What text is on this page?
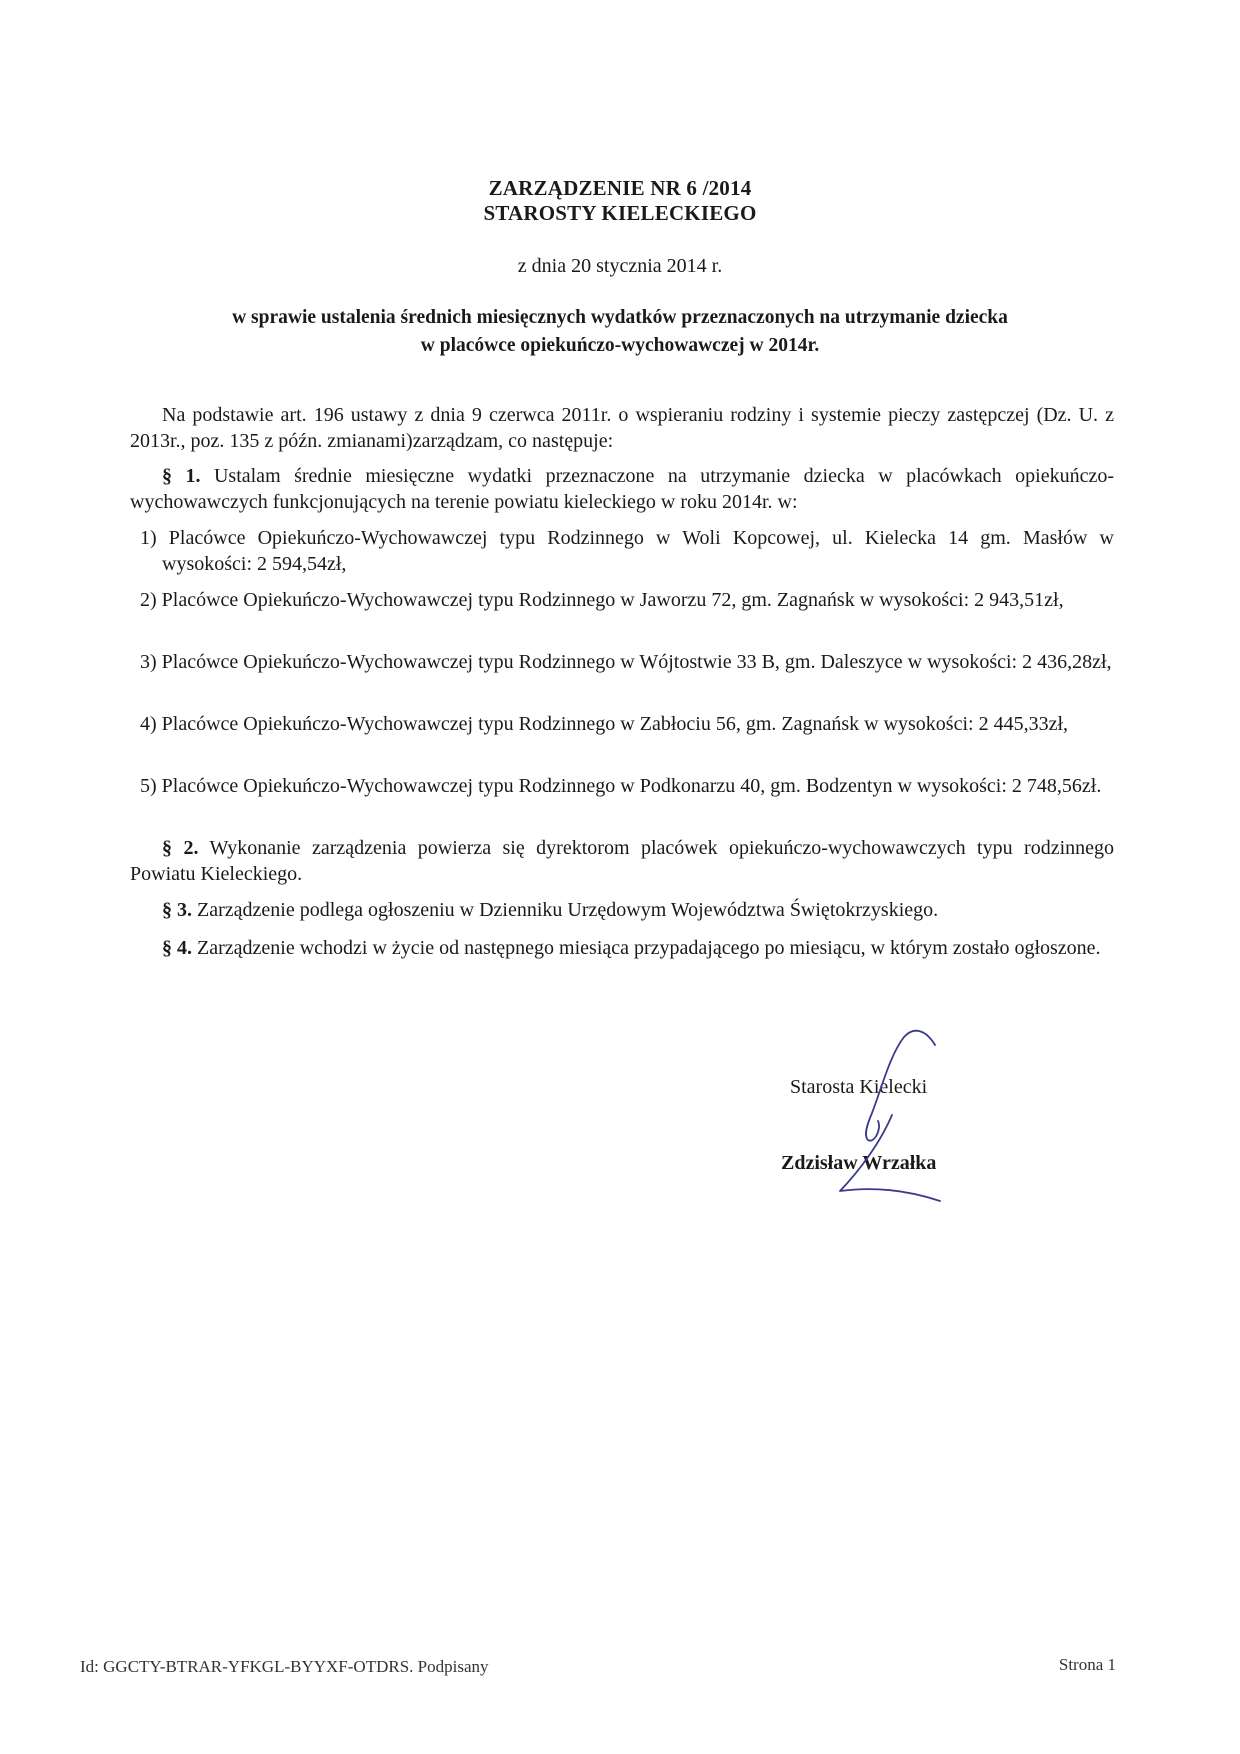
ZARZĄDZENIE NR 6 /2014
STAROSTY KIELECKIEGO
z dnia 20 stycznia 2014 r.
w sprawie ustalenia średnich miesięcznych wydatków przeznaczonych na utrzymanie dziecka
w placówce opiekuńczo-wychowawczej w 2014r.
Na podstawie art. 196 ustawy z dnia 9 czerwca 2011r. o wspieraniu rodziny i systemie pieczy zastępczej (Dz. U. z 2013r., poz. 135 z późn. zmianami)zarządzam, co następuje:
§ 1. Ustalam średnie miesięczne wydatki przeznaczone na utrzymanie dziecka w placówkach opiekuńczo-wychowawczych funkcjonujących na terenie powiatu kieleckiego w roku 2014r. w:
1) Placówce Opiekuńczo-Wychowawczej typu Rodzinnego w Woli Kopcowej, ul. Kielecka 14 gm. Masłów w wysokości: 2 594,54zł,
2) Placówce Opiekuńczo-Wychowawczej typu Rodzinnego w Jaworzu 72, gm. Zagnańsk w wysokości: 2 943,51zł,
3) Placówce Opiekuńczo-Wychowawczej typu Rodzinnego w Wójtostwie 33 B, gm. Daleszyce w wysokości: 2 436,28zł,
4) Placówce Opiekuńczo-Wychowawczej typu Rodzinnego w Zabłociu 56, gm. Zagnańsk w wysokości: 2 445,33zł,
5) Placówce Opiekuńczo-Wychowawczej typu Rodzinnego w Podkonarzu 40, gm. Bodzentyn w wysokości: 2 748,56zł.
§ 2. Wykonanie zarządzenia powierza się dyrektorom placówek opiekuńczo-wychowawczych typu rodzinnego Powiatu Kieleckiego.
§ 3. Zarządzenie podlega ogłoszeniu w Dzienniku Urzędowym Województwa Świętokrzyskiego.
§ 4. Zarządzenie wchodzi w życie od następnego miesiąca przypadającego po miesiącu, w którym zostało ogłoszone.
Starosta Kielecki
Zdzisław Wrzałka
Id: GGCTY-BTRAR-YFKGL-BYYXF-OTDRS. Podpisany	Strona 1
